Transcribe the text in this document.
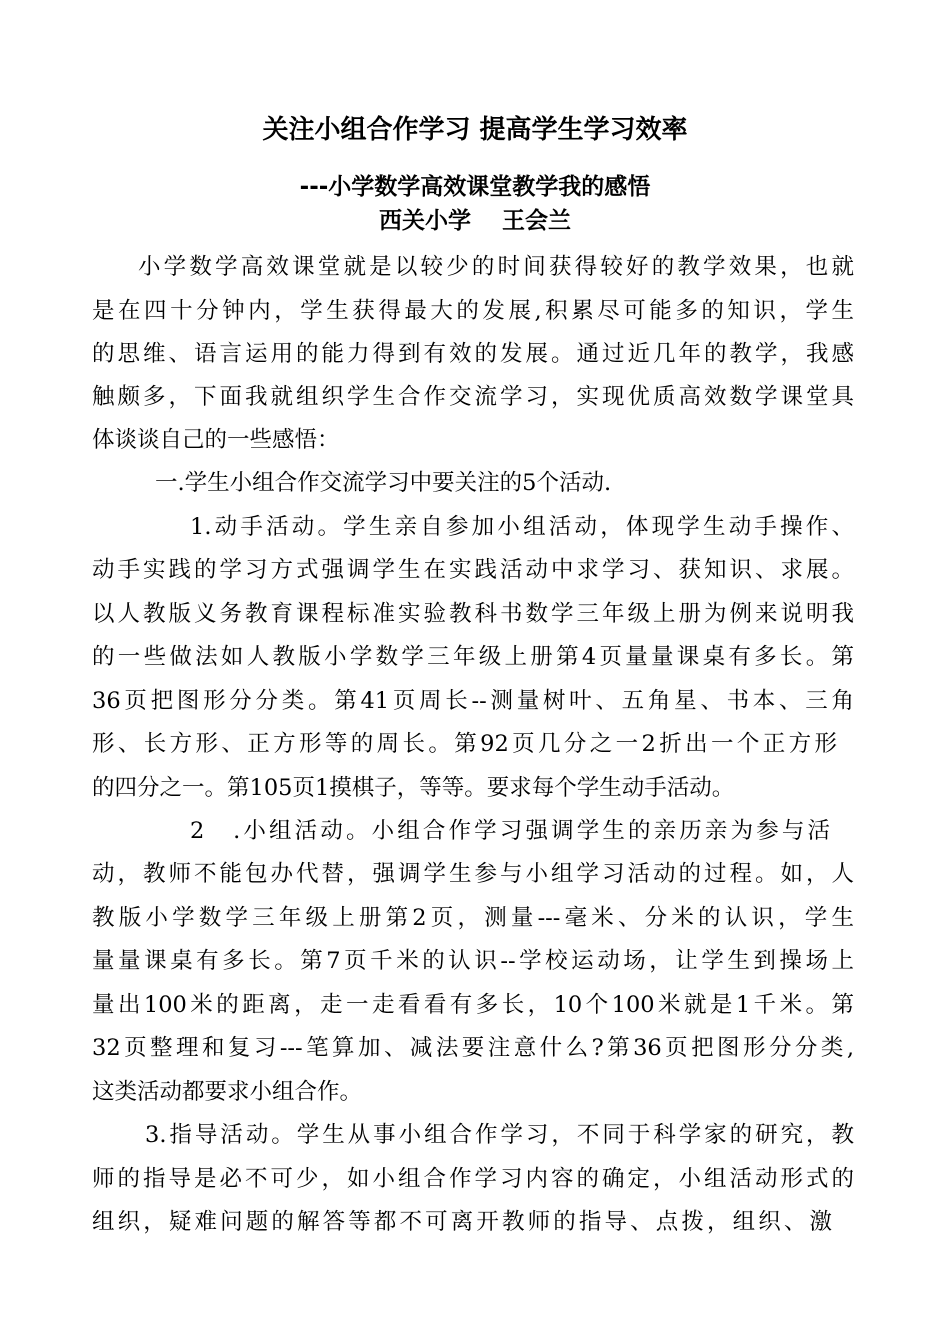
关注小组合作学习 提高学生学习效率
---小学数学高效课堂教学我的感悟
西关小学　 王会兰
小学数学高效课堂就是以较少的时间获得较好的教学效果，也就
是在四十分钟内，学生获得最大的发展,积累尽可能多的知识，学生
的思维、语言运用的能力得到有效的发展。通过近几年的教学，我感
触颇多，下面我就组织学生合作交流学习，实现优质高效数学课堂具
体谈谈自己的一些感悟：
一.学生小组合作交流学习中要关注的5个活动.
1.动手活动。学生亲自参加小组活动，体现学生动手操作、
动手实践的学习方式强调学生在实践活动中求学习、获知识、求展。
以人教版义务教育课程标准实验教科书数学三年级上册为例来说明我
的一些做法如人教版小学数学三年级上册第4页量量课桌有多长。第
36页把图形分分类。第41页周长--测量树叶、五角星、书本、三角
形、长方形、正方形等的周长。第92页几分之一2折出一个正方形
的四分之一。第105页1摸棋子，等等。要求每个学生动手活动。
2　.小组活动。小组合作学习强调学生的亲历亲为参与活
动，教师不能包办代替，强调学生参与小组学习活动的过程。如，人
教版小学数学三年级上册第2页，测量---毫米、分米的认识，学生
量量课桌有多长。第7页千米的认识--学校运动场，让学生到操场上
量出100米的距离，走一走看看有多长，10个100米就是1千米。第
32页整理和复习---笔算加、减法要注意什么?第36页把图形分分类,
这类活动都要求小组合作。
3.指导活动。学生从事小组合作学习，不同于科学家的研究，教
师的指导是必不可少，如小组合作学习内容的确定，小组活动形式的
组织，疑难问题的解答等都不可离开教师的指导、点拨，组织、激
